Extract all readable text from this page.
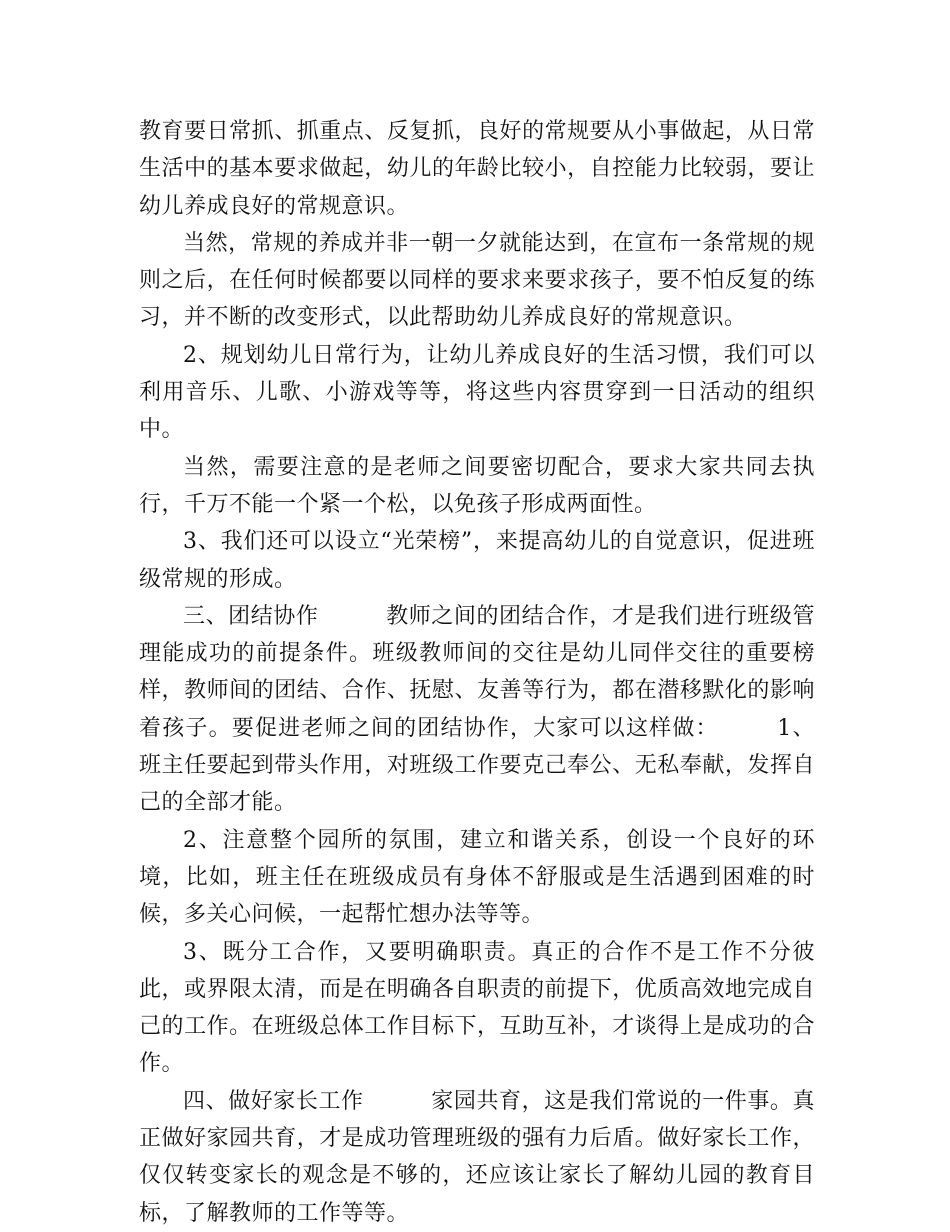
教育要日常抓、抓重点、反复抓，良好的常规要从小事做起，从日常生活中的基本要求做起，幼儿的年龄比较小，自控能力比较弱，要让幼儿养成良好的常规意识。

当然，常规的养成并非一朝一夕就能达到，在宣布一条常规的规则之后，在任何时候都要以同样的要求来要求孩子，要不怕反复的练习，并不断的改变形式，以此帮助幼儿养成良好的常规意识。

2、规划幼儿日常行为，让幼儿养成良好的生活习惯，我们可以利用音乐、儿歌、小游戏等等，将这些内容贯穿到一日活动的组织中。

当然，需要注意的是老师之间要密切配合，要求大家共同去执行，千万不能一个紧一个松，以免孩子形成两面性。

3、我们还可以设立“光荣榜”，来提高幼儿的自觉意识，促进班级常规的形成。

三、团结协作　　　教师之间的团结合作，才是我们进行班级管理能成功的前提条件。班级教师间的交往是幼儿同伴交往的重要榜样，教师间的团结、合作、抚慰、友善等行为，都在潜移默化的影响着孩子。要促进老师之间的团结协作，大家可以这样做：　　　1、班主任要起到带头作用，对班级工作要克己奉公、无私奉献，发挥自己的全部才能。

2、注意整个园所的氛围，建立和谐关系，创设一个良好的环境，比如，班主任在班级成员有身体不舒服或是生活遇到困难的时候，多关心问候，一起帮忙想办法等等。

3、既分工合作，又要明确职责。真正的合作不是工作不分彼此，或界限太清，而是在明确各自职责的前提下，优质高效地完成自己的工作。在班级总体工作目标下，互助互补，才谈得上是成功的合作。

四、做好家长工作　　　家园共育，这是我们常说的一件事。真正做好家园共育，才是成功管理班级的强有力后盾。做好家长工作，仅仅转变家长的观念是不够的，还应该让家长了解幼儿园的教育目标，了解教师的工作等等。
